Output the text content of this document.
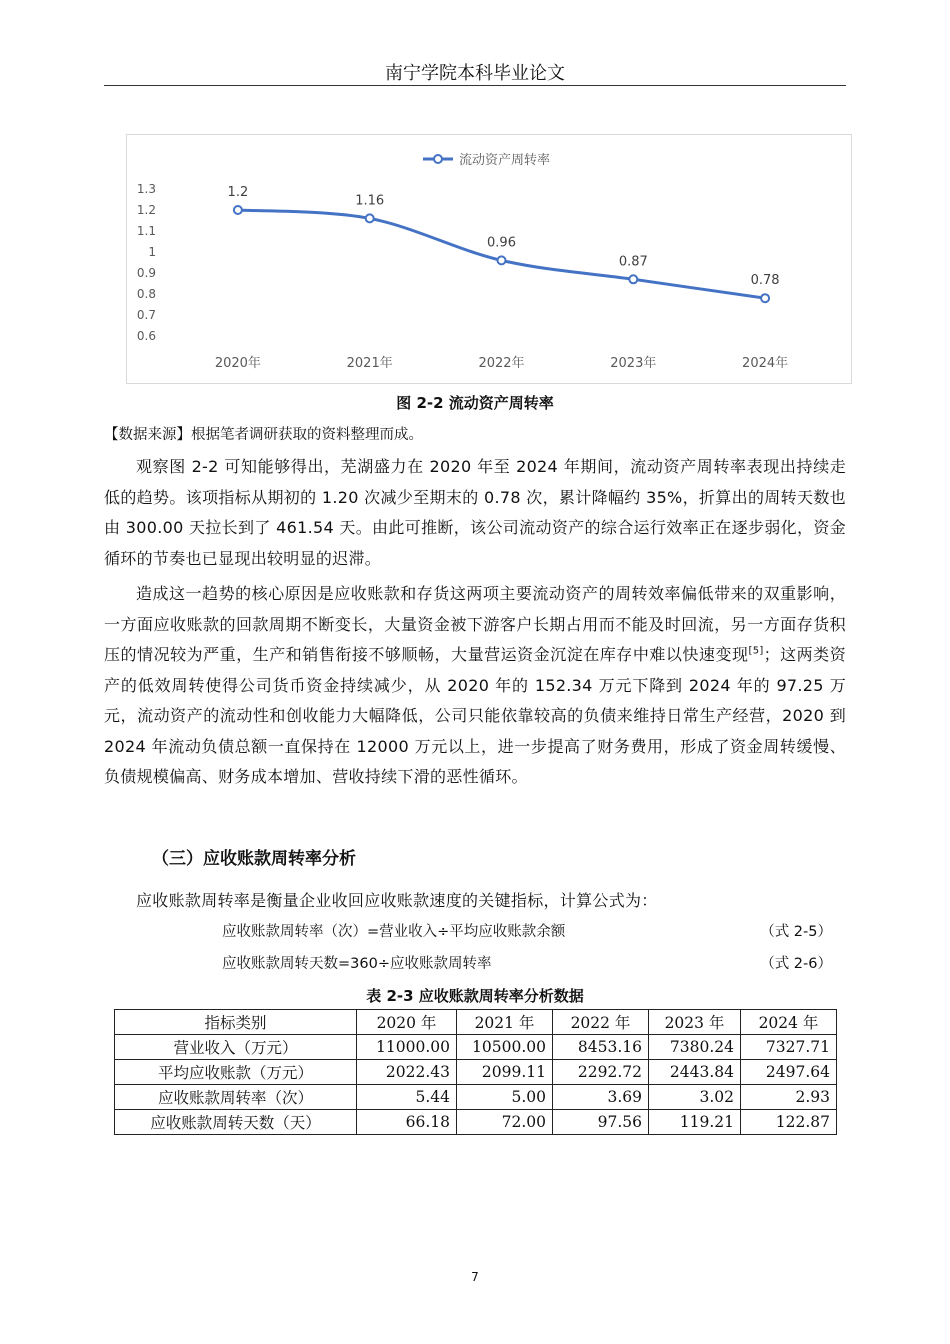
南宁学院本科毕业论文
1.3
1.2
1.1
1
0.9
0.8
0.7
0.6
2020年	2021年	2022年	2023年	2024年
1.2
1.16
0.96
0.87
0.78
流动资产周转率
图 2-2 流动资产周转率
【数据来源】根据笔者调研获取的资料整理而成。

观察图 2-2 可知能够得出，芜湖盛力在 2020 年至 2024 年期间，流动资产周转率表现出持续走低的趋势。该项指标从期初的 1.20 次减少至期末的 0.78 次，累计降幅约 35%，折算出的周转天数也由 300.00 天拉长到了 461.54 天。由此可推断，该公司流动资产的综合运行效率正在逐步弱化，资金循环的节奏也已显现出较明显的迟滞。

造成这一趋势的核心原因是应收账款和存货这两项主要流动资产的周转效率偏低带来的双重影响，一方面应收账款的回款周期不断变长，大量资金被下游客户长期占用而不能及时回流，另一方面存货积压的情况较为严重，生产和销售衔接不够顺畅，大量营运资金沉淀在库存中难以快速变现[5]；这两类资产的低效周转使得公司货币资金持续减少，从 2020 年的 152.34 万元下降到 2024 年的 97.25 万元，流动资产的流动性和创收能力大幅降低，公司只能依靠较高的负债来维持日常生产经营，2020 到 2024 年流动负债总额一直保持在 12000 万元以上，进一步提高了财务费用，形成了资金周转缓慢、负债规模偏高、财务成本增加、营收持续下滑的恶性循环。

（三）应收账款周转率分析

应收账款周转率是衡量企业收回应收账款速度的关键指标，计算公式为：

应收账款周转率（次）=营业收入÷平均应收账款余额	（式 2-5）
应收账款周转天数=360÷应收账款周转率	（式 2-6）
表 2-3 应收账款周转率分析数据
指标类别	2020 年	2021 年	2022 年	2023 年	2024 年
营业收入（万元）	11000.00	10500.00	8453.16	7380.24	7327.71
平均应收账款（万元）	2022.43	2099.11	2292.72	2443.84	2497.64
应收账款周转率（次）	5.44	5.00	3.69	3.02	2.93
应收账款周转天数（天）	66.18	72.00	97.56	119.21	122.87
7
